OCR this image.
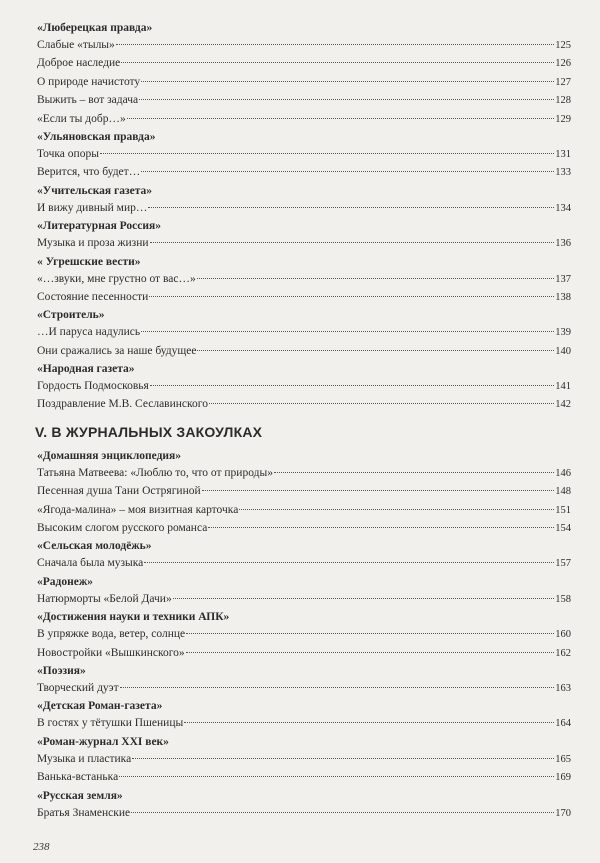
«Люберецкая правда»
Слабые «тылы»	125
Доброе наследие	126
О природе начистоту	127
Выжить – вот задача	128
«Если ты добр…»	129
«Ульяновская правда»
Точка опоры	131
Верится, что будет…	133
«Учительская газета»
И вижу дивный мир…	134
«Литературная Россия»
Музыка и проза жизни	136
« Угрешские вести»
«…звуки, мне грустно от вас…»	137
Состояние песенности	138
«Строитель»
…И паруса надулись	139
Они сражались за наше будущее	140
«Народная газета»
Гордость Подмосковья	141
Поздравление М.В. Сеславинского	142
V. В ЖУРНАЛЬНЫХ ЗАКОУЛКАХ
«Домашняя энциклопедия»
Татьяна Матвеева: «Люблю то, что от природы»	146
Песенная душа Тани Острягиной	148
«Ягода-малина» – моя визитная карточка	151
Высоким слогом русского романса	154
«Сельская молодёжь»
Сначала была музыка	157
«Радонеж»
Натюрморты «Белой Дачи»	158
«Достижения науки и техники АПК»
В упряжке вода, ветер, солнце	160
Новостройки «Вышкинского»	162
«Поэзия»
Творческий дуэт	163
«Детская Роман-газета»
В гостях у тётушки Пшеницы	164
«Роман-журнал XXI век»
Музыка и пластика	165
Ванька-встанька	169
«Русская земля»
Братья Знаменские	170
238
